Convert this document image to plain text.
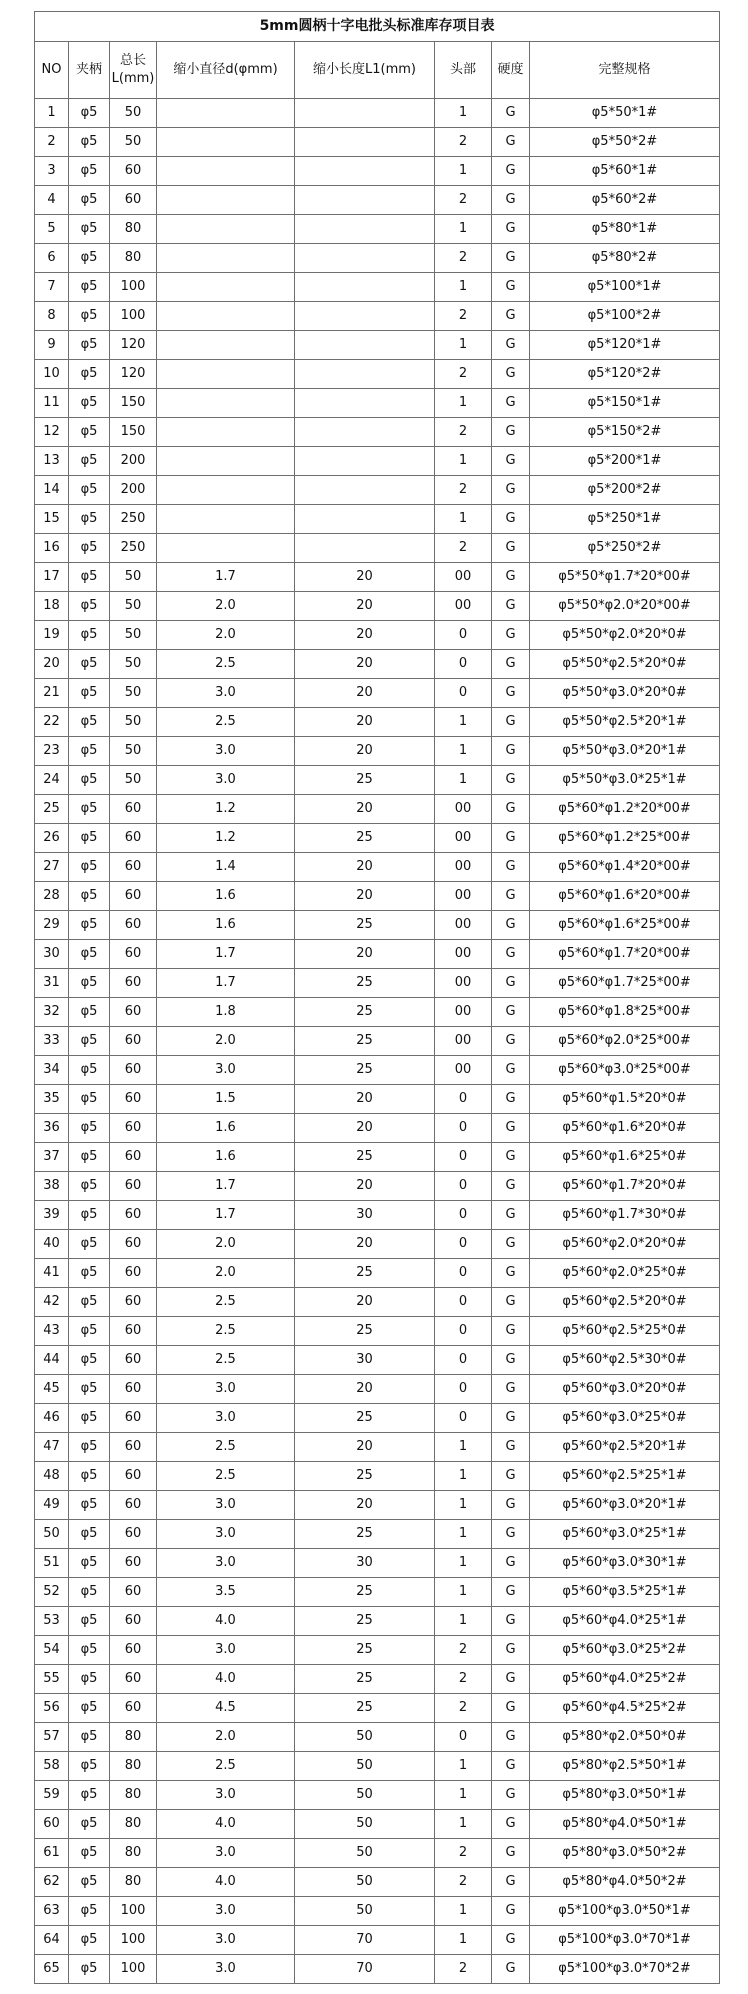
5mm圆柄十字电批头标准库存项目表							
NO	夹柄	总长L(mm)	缩小直径d(φmm)	缩小长度L1(mm)	头部	硬度	完整规格
1	φ5	50			1	G	φ5*50*1#
2	φ5	50			2	G	φ5*50*2#
3	φ5	60			1	G	φ5*60*1#
4	φ5	60			2	G	φ5*60*2#
5	φ5	80			1	G	φ5*80*1#
6	φ5	80			2	G	φ5*80*2#
7	φ5	100			1	G	φ5*100*1#
8	φ5	100			2	G	φ5*100*2#
9	φ5	120			1	G	φ5*120*1#
10	φ5	120			2	G	φ5*120*2#
11	φ5	150			1	G	φ5*150*1#
12	φ5	150			2	G	φ5*150*2#
13	φ5	200			1	G	φ5*200*1#
14	φ5	200			2	G	φ5*200*2#
15	φ5	250			1	G	φ5*250*1#
16	φ5	250			2	G	φ5*250*2#
17	φ5	50	1.7	20	00	G	φ5*50*φ1.7*20*00#
18	φ5	50	2.0	20	00	G	φ5*50*φ2.0*20*00#
19	φ5	50	2.0	20	0	G	φ5*50*φ2.0*20*0#
20	φ5	50	2.5	20	0	G	φ5*50*φ2.5*20*0#
21	φ5	50	3.0	20	0	G	φ5*50*φ3.0*20*0#
22	φ5	50	2.5	20	1	G	φ5*50*φ2.5*20*1#
23	φ5	50	3.0	20	1	G	φ5*50*φ3.0*20*1#
24	φ5	50	3.0	25	1	G	φ5*50*φ3.0*25*1#
25	φ5	60	1.2	20	00	G	φ5*60*φ1.2*20*00#
26	φ5	60	1.2	25	00	G	φ5*60*φ1.2*25*00#
27	φ5	60	1.4	20	00	G	φ5*60*φ1.4*20*00#
28	φ5	60	1.6	20	00	G	φ5*60*φ1.6*20*00#
29	φ5	60	1.6	25	00	G	φ5*60*φ1.6*25*00#
30	φ5	60	1.7	20	00	G	φ5*60*φ1.7*20*00#
31	φ5	60	1.7	25	00	G	φ5*60*φ1.7*25*00#
32	φ5	60	1.8	25	00	G	φ5*60*φ1.8*25*00#
33	φ5	60	2.0	25	00	G	φ5*60*φ2.0*25*00#
34	φ5	60	3.0	25	00	G	φ5*60*φ3.0*25*00#
35	φ5	60	1.5	20	0	G	φ5*60*φ1.5*20*0#
36	φ5	60	1.6	20	0	G	φ5*60*φ1.6*20*0#
37	φ5	60	1.6	25	0	G	φ5*60*φ1.6*25*0#
38	φ5	60	1.7	20	0	G	φ5*60*φ1.7*20*0#
39	φ5	60	1.7	30	0	G	φ5*60*φ1.7*30*0#
40	φ5	60	2.0	20	0	G	φ5*60*φ2.0*20*0#
41	φ5	60	2.0	25	0	G	φ5*60*φ2.0*25*0#
42	φ5	60	2.5	20	0	G	φ5*60*φ2.5*20*0#
43	φ5	60	2.5	25	0	G	φ5*60*φ2.5*25*0#
44	φ5	60	2.5	30	0	G	φ5*60*φ2.5*30*0#
45	φ5	60	3.0	20	0	G	φ5*60*φ3.0*20*0#
46	φ5	60	3.0	25	0	G	φ5*60*φ3.0*25*0#
47	φ5	60	2.5	20	1	G	φ5*60*φ2.5*20*1#
48	φ5	60	2.5	25	1	G	φ5*60*φ2.5*25*1#
49	φ5	60	3.0	20	1	G	φ5*60*φ3.0*20*1#
50	φ5	60	3.0	25	1	G	φ5*60*φ3.0*25*1#
51	φ5	60	3.0	30	1	G	φ5*60*φ3.0*30*1#
52	φ5	60	3.5	25	1	G	φ5*60*φ3.5*25*1#
53	φ5	60	4.0	25	1	G	φ5*60*φ4.0*25*1#
54	φ5	60	3.0	25	2	G	φ5*60*φ3.0*25*2#
55	φ5	60	4.0	25	2	G	φ5*60*φ4.0*25*2#
56	φ5	60	4.5	25	2	G	φ5*60*φ4.5*25*2#
57	φ5	80	2.0	50	0	G	φ5*80*φ2.0*50*0#
58	φ5	80	2.5	50	1	G	φ5*80*φ2.5*50*1#
59	φ5	80	3.0	50	1	G	φ5*80*φ3.0*50*1#
60	φ5	80	4.0	50	1	G	φ5*80*φ4.0*50*1#
61	φ5	80	3.0	50	2	G	φ5*80*φ3.0*50*2#
62	φ5	80	4.0	50	2	G	φ5*80*φ4.0*50*2#
63	φ5	100	3.0	50	1	G	φ5*100*φ3.0*50*1#
64	φ5	100	3.0	70	1	G	φ5*100*φ3.0*70*1#
65	φ5	100	3.0	70	2	G	φ5*100*φ3.0*70*2#
